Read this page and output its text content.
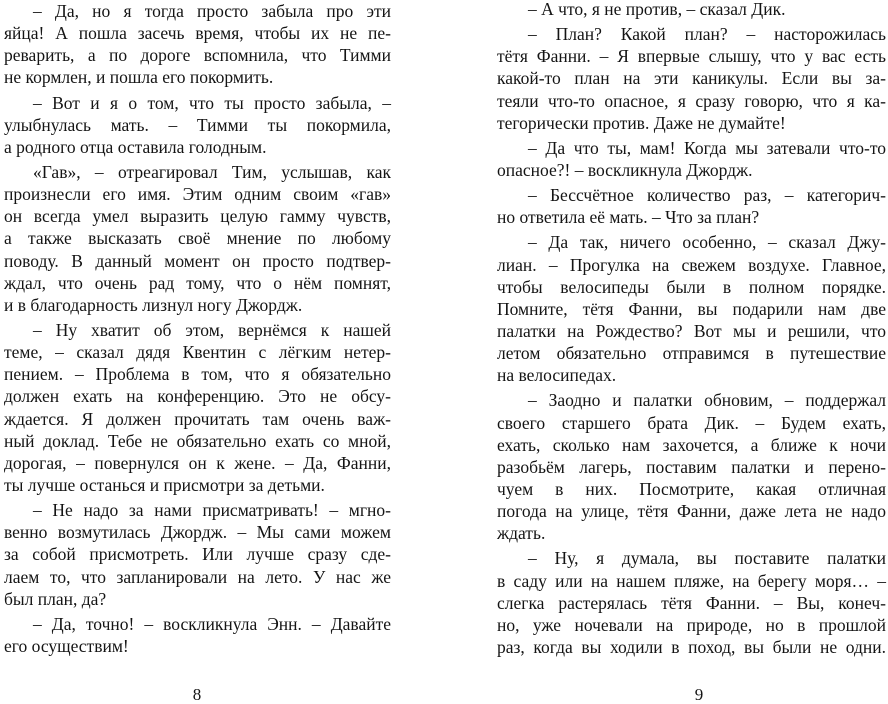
– Да, но я тогда просто забыла про эти
яйца! А пошла засечь время, чтобы их не пе-
реварить, а по дороге вспомнила, что Тимми
не кормлен, и пошла его покормить.
– Вот и я о том, что ты просто забыла, –
улыбнулась мать. – Тимми ты покормила,
а родного отца оставила голодным.
«Гав», – отреагировал Тим, услышав, как
произнесли его имя. Этим одним своим «гав»
он всегда умел выразить целую гамму чувств,
а также высказать своё мнение по любому
поводу. В данный момент он просто подтвер-
ждал, что очень рад тому, что о нём помнят,
и в благодарность лизнул ногу Джордж.
– Ну хватит об этом, вернёмся к нашей
теме, – сказал дядя Квентин с лёгким нетер-
пением. – Проблема в том, что я обязательно
должен ехать на конференцию. Это не обсу-
ждается. Я должен прочитать там очень важ-
ный доклад. Тебе не обязательно ехать со мной,
дорогая, – повернулся он к жене. – Да, Фанни,
ты лучше останься и присмотри за детьми.
– Не надо за нами присматривать! – мгно-
венно возмутилась Джордж. – Мы сами можем
за собой присмотреть. Или лучше сразу сде-
лаем то, что запланировали на лето. У нас же
был план, да?
– Да, точно! – воскликнула Энн. – Давайте
его осуществим!
– А что, я не против, – сказал Дик.
– План? Какой план? – насторожилась
тётя Фанни. – Я впервые слышу, что у вас есть
какой-то план на эти каникулы. Если вы за-
теяли что-то опасное, я сразу говорю, что я ка-
тегорически против. Даже не думайте!
– Да что ты, мам! Когда мы затевали что-то
опасное?! – воскликнула Джордж.
– Бессчётное количество раз, – категорич-
но ответила её мать. – Что за план?
– Да так, ничего особенно, – сказал Джу-
лиан. – Прогулка на свежем воздухе. Главное,
чтобы велосипеды были в полном порядке.
Помните, тётя Фанни, вы подарили нам две
палатки на Рождество? Вот мы и решили, что
летом обязательно отправимся в путешествие
на велосипедах.
– Заодно и палатки обновим, – поддержал
своего старшего брата Дик. – Будем ехать,
ехать, сколько нам захочется, а ближе к ночи
разобьём лагерь, поставим палатки и перено-
чуем в них. Посмотрите, какая отличная
погода на улице, тётя Фанни, даже лета не надо
ждать.
– Ну, я думала, вы поставите палатки
в саду или на нашем пляже, на берегу моря… –
слегка растерялась тётя Фанни. – Вы, конеч-
но, уже ночевали на природе, но в прошлой
раз, когда вы ходили в поход, вы были не одни.
8	9
